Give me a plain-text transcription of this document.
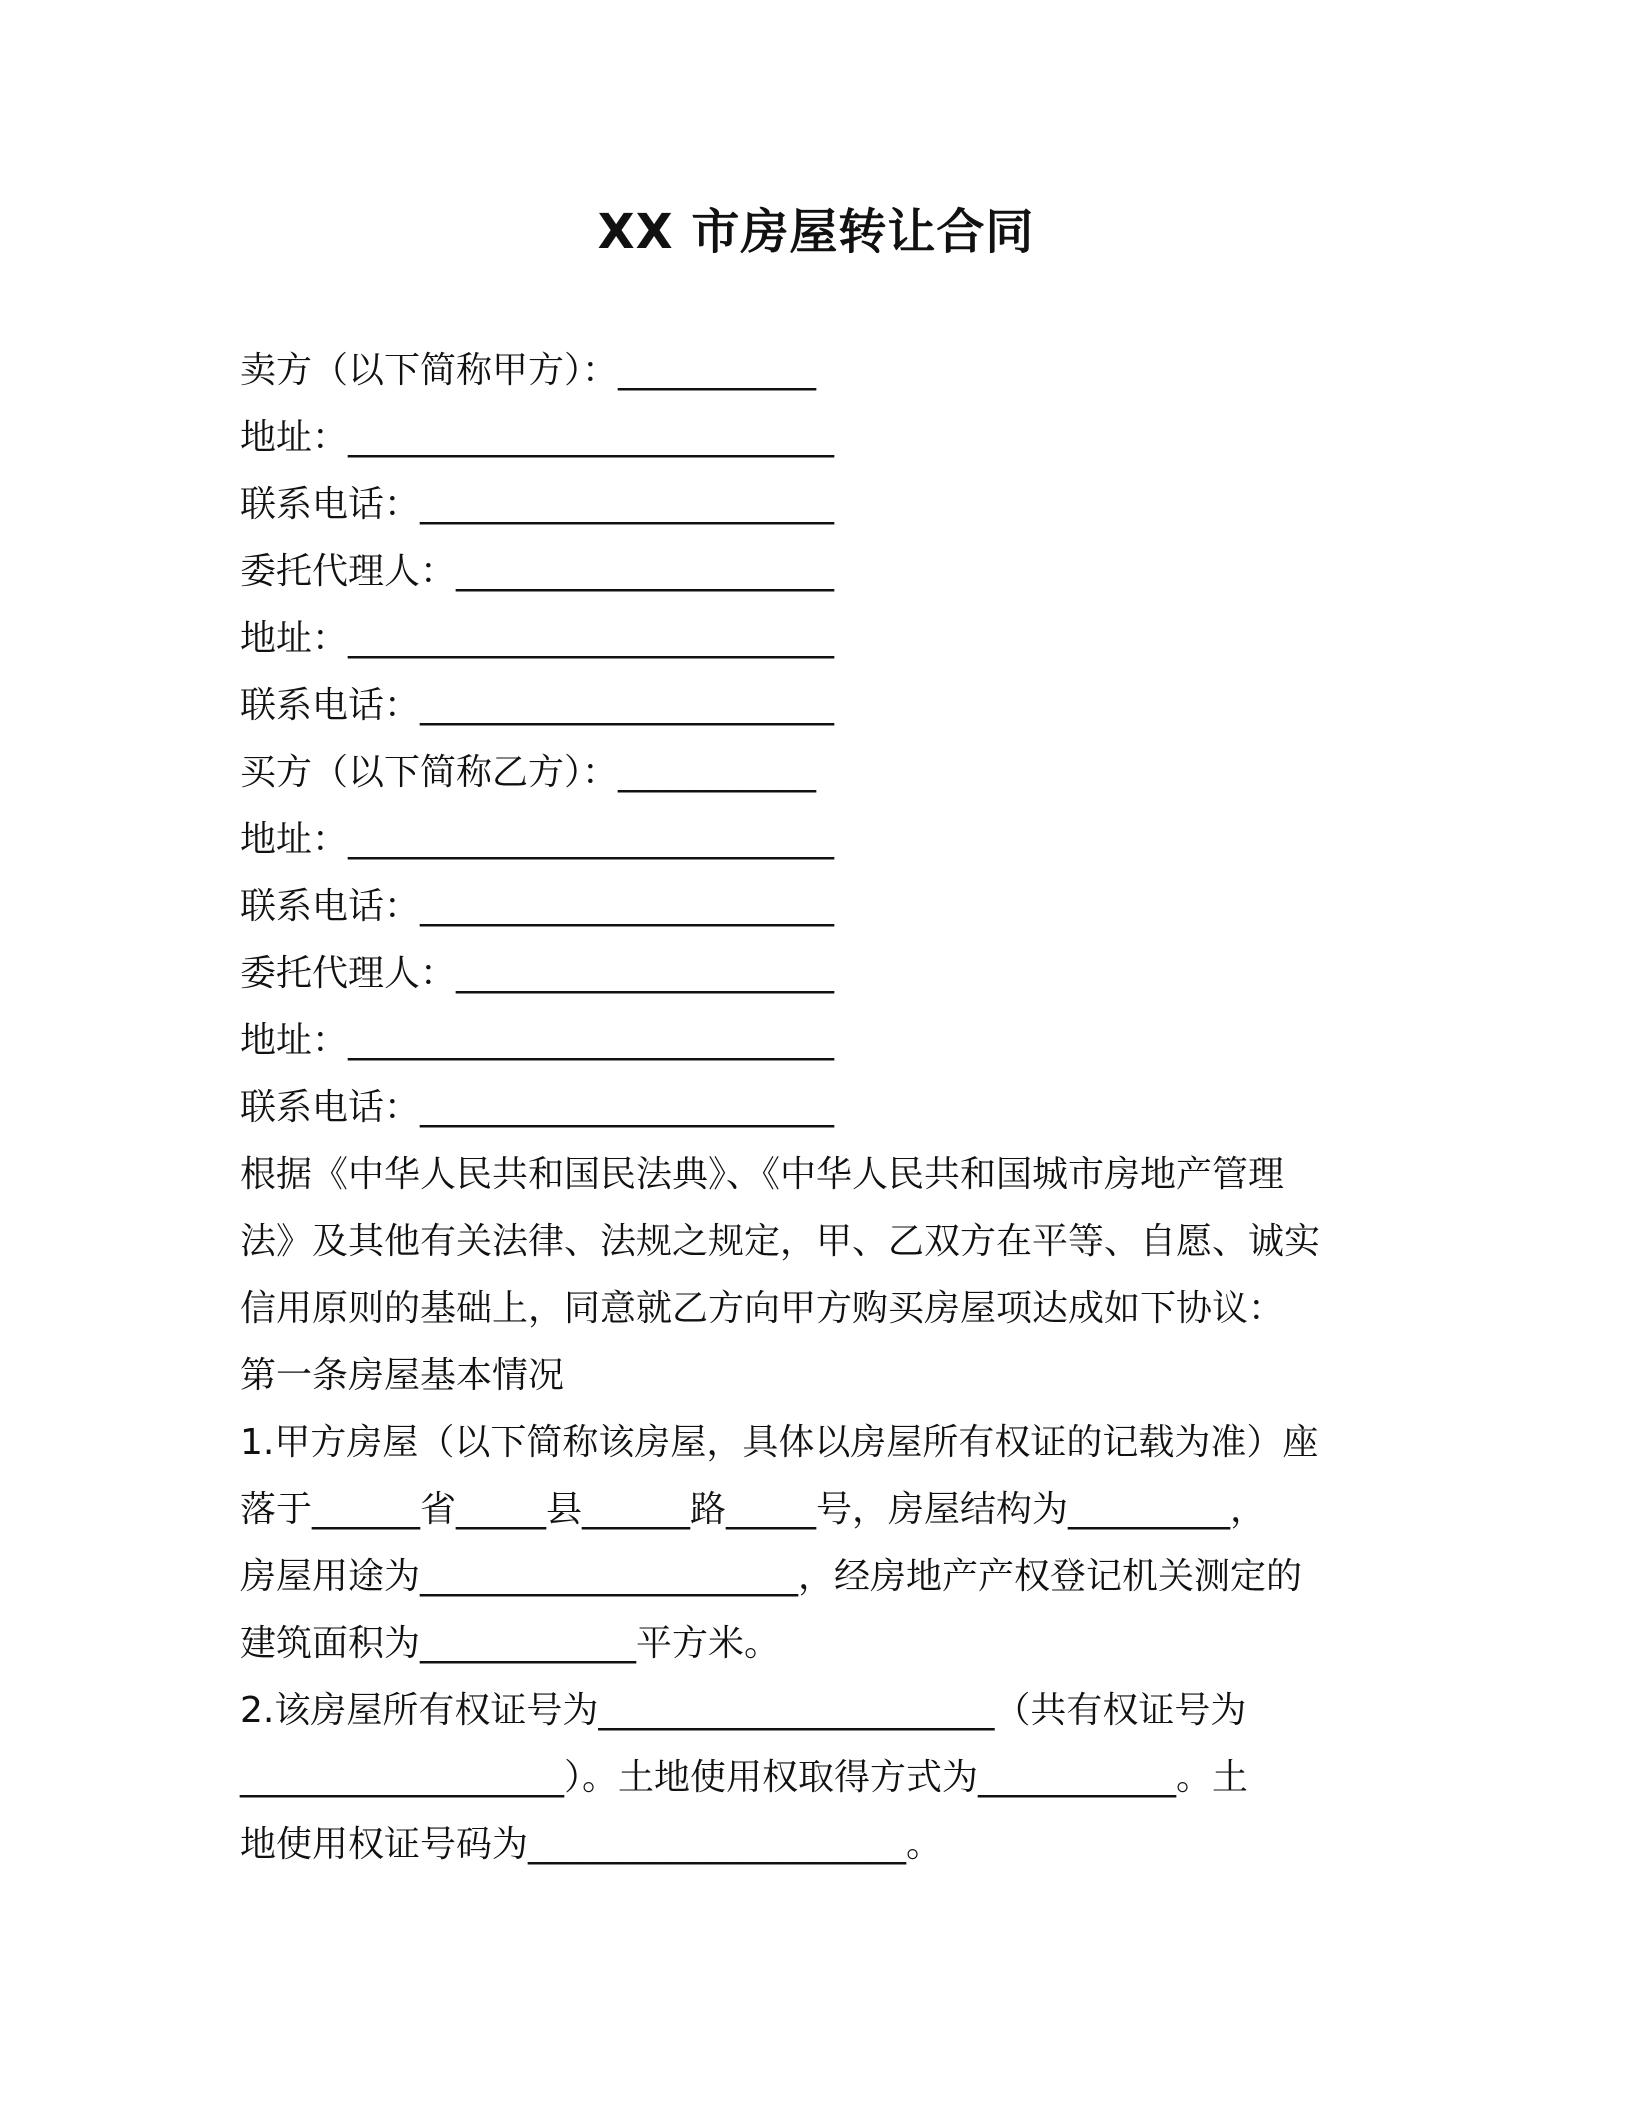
XX 市房屋转让合同
卖方（以下简称甲方）：___________
地址：___________________________
联系电话：_______________________
委托代理人：_____________________
地址：___________________________
联系电话：_______________________
买方（以下简称乙方）：___________
地址：___________________________
联系电话：_______________________
委托代理人：_____________________
地址：___________________________
联系电话：_______________________
根据《中华人民共和国民法典》、《中华人民共和国城市房地产管理
法》及其他有关法律、法规之规定，甲、乙双方在平等、自愿、诚实
信用原则的基础上，同意就乙方向甲方购买房屋项达成如下协议：
第一条房屋基本情况
1.甲方房屋（以下简称该房屋，具体以房屋所有权证的记载为准）座
落于______省_____县______路_____号，房屋结构为_________，
房屋用途为_____________________，经房地产产权登记机关测定的
建筑面积为____________平方米。
2.该房屋所有权证号为______________________（共有权证号为
__________________）。土地使用权取得方式为___________。土
地使用权证号码为_____________________。
